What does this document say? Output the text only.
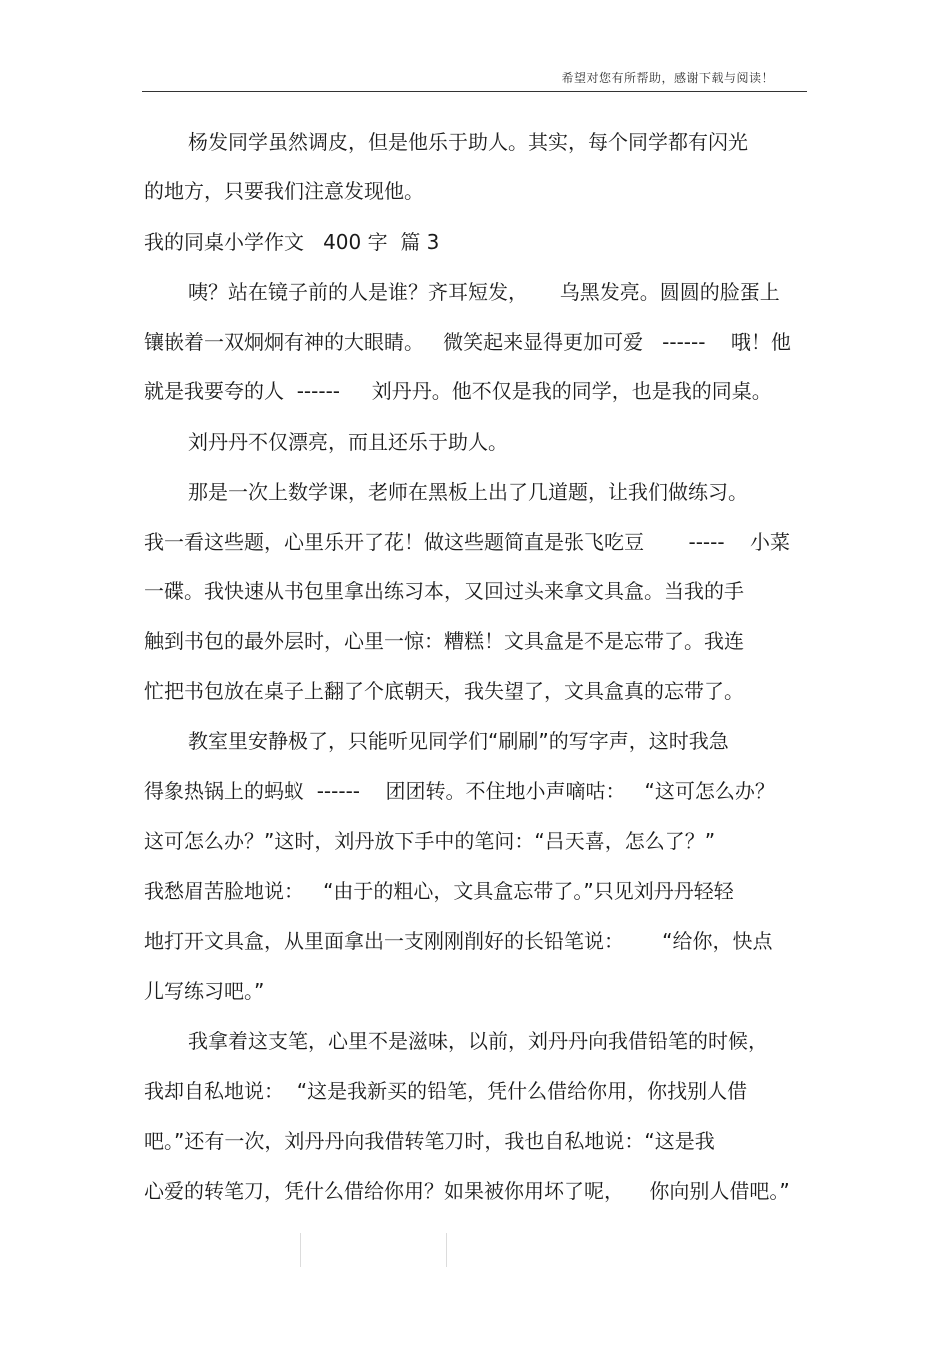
希望对您有所帮助，感谢下载与阅读！
杨发同学虽然调皮，但是他乐于助人。其实，每个同学都有闪光
的地方，只要我们注意发现他。
我的同桌小学作文   400 字  篇 3
咦？站在镜子前的人是谁？齐耳短发，     乌黑发亮。圆圆的脸蛋上
镶嵌着一双炯炯有神的大眼睛。   微笑起来显得更加可爱   ------    哦！他
就是我要夸的人  ------     刘丹丹。他不仅是我的同学，也是我的同桌。
刘丹丹不仅漂亮，而且还乐于助人。
那是一次上数学课，老师在黑板上出了几道题，让我们做练习。
我一看这些题，心里乐开了花！做这些题简直是张飞吃豆       -----    小菜
一碟。我快速从书包里拿出练习本，又回过头来拿文具盒。当我的手
触到书包的最外层时，心里一惊：糟糕！文具盒是不是忘带了。我连
忙把书包放在桌子上翻了个底朝天，我失望了，文具盒真的忘带了。
教室里安静极了，只能听见同学们“刷刷”的写字声，这时我急
得象热锅上的蚂蚁  ------    团团转。不住地小声嘀咕：   “这可怎么办？
这可怎么办？”这时，刘丹放下手中的笔问：“吕天喜，怎么了？”
我愁眉苦脸地说：   “由于的粗心，文具盒忘带了。”只见刘丹丹轻轻
地打开文具盒，从里面拿出一支刚刚削好的长铅笔说：      “给你，快点
儿写练习吧。”
我拿着这支笔，心里不是滋味，以前，刘丹丹向我借铅笔的时候，
我却自私地说：  “这是我新买的铅笔，凭什么借给你用，你找别人借
吧。”还有一次，刘丹丹向我借转笔刀时，我也自私地说：“这是我
心爱的转笔刀，凭什么借给你用？如果被你用坏了呢，    你向别人借吧。”
